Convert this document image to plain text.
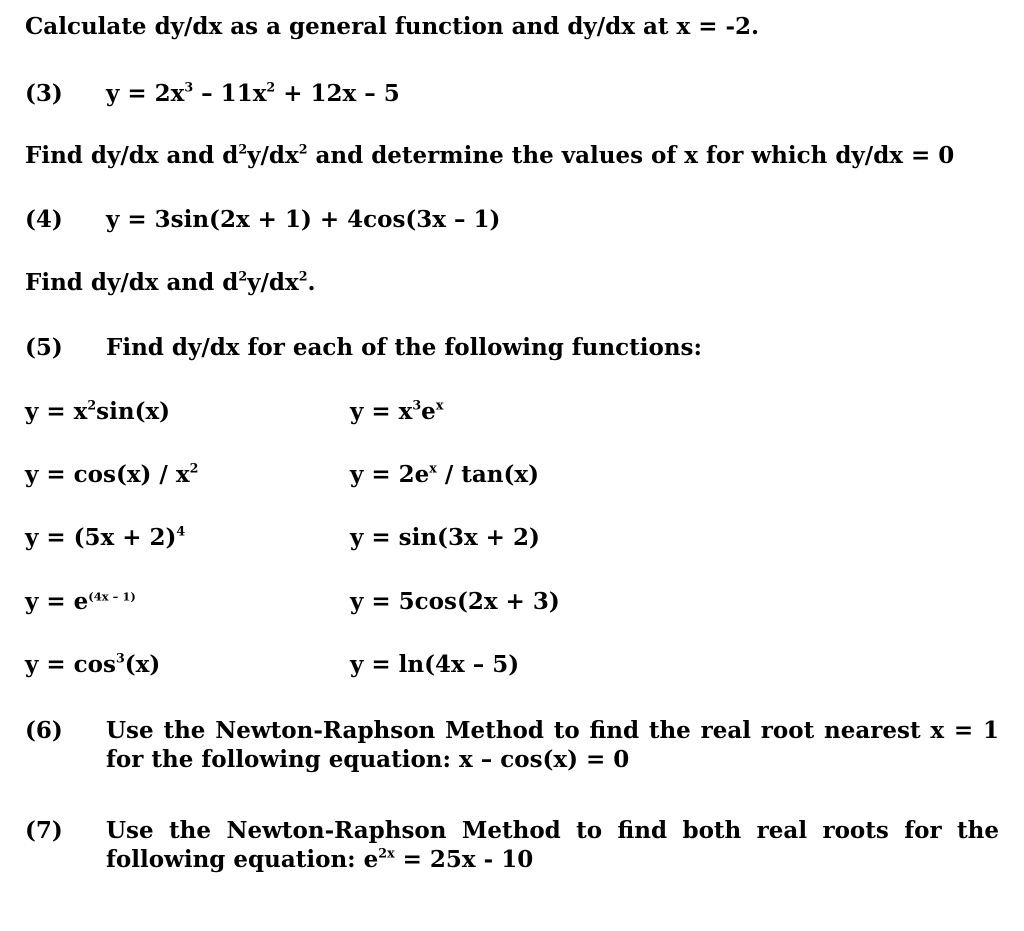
Calculate dy/dx as a general function and dy/dx at x = -2.
(3) $y = 2x^3 - 11x^2 + 12x - 5$
Find dy/dx and $d^2y/dx^2$ and determine the values of x for which dy/dx = 0
(4) y = 3sin(2x + 1) + 4cos(3x – 1)
Find dy/dx and $d^2y/dx^2$.
(5) Find dy/dx for each of the following functions:
$y = x^2\sin(x)$	$y = x^3e^x$
$y = \cos(x) / x^2$	$y = 2e^x / \tan(x)$
$y = (5x + 2)^4$	y = sin(3x + 2)
$y = e^{(4x - 1)}$	y = 5cos(2x + 3)
$y = \cos^3(x)$	y = ln(4x – 5)
(6) Use the Newton-Raphson Method to find the real root nearest x = 1 for the following equation: x – cos(x) = 0
(7) Use the Newton-Raphson Method to find both real roots for the following equation: $e^{2x} = 25x - 10$
